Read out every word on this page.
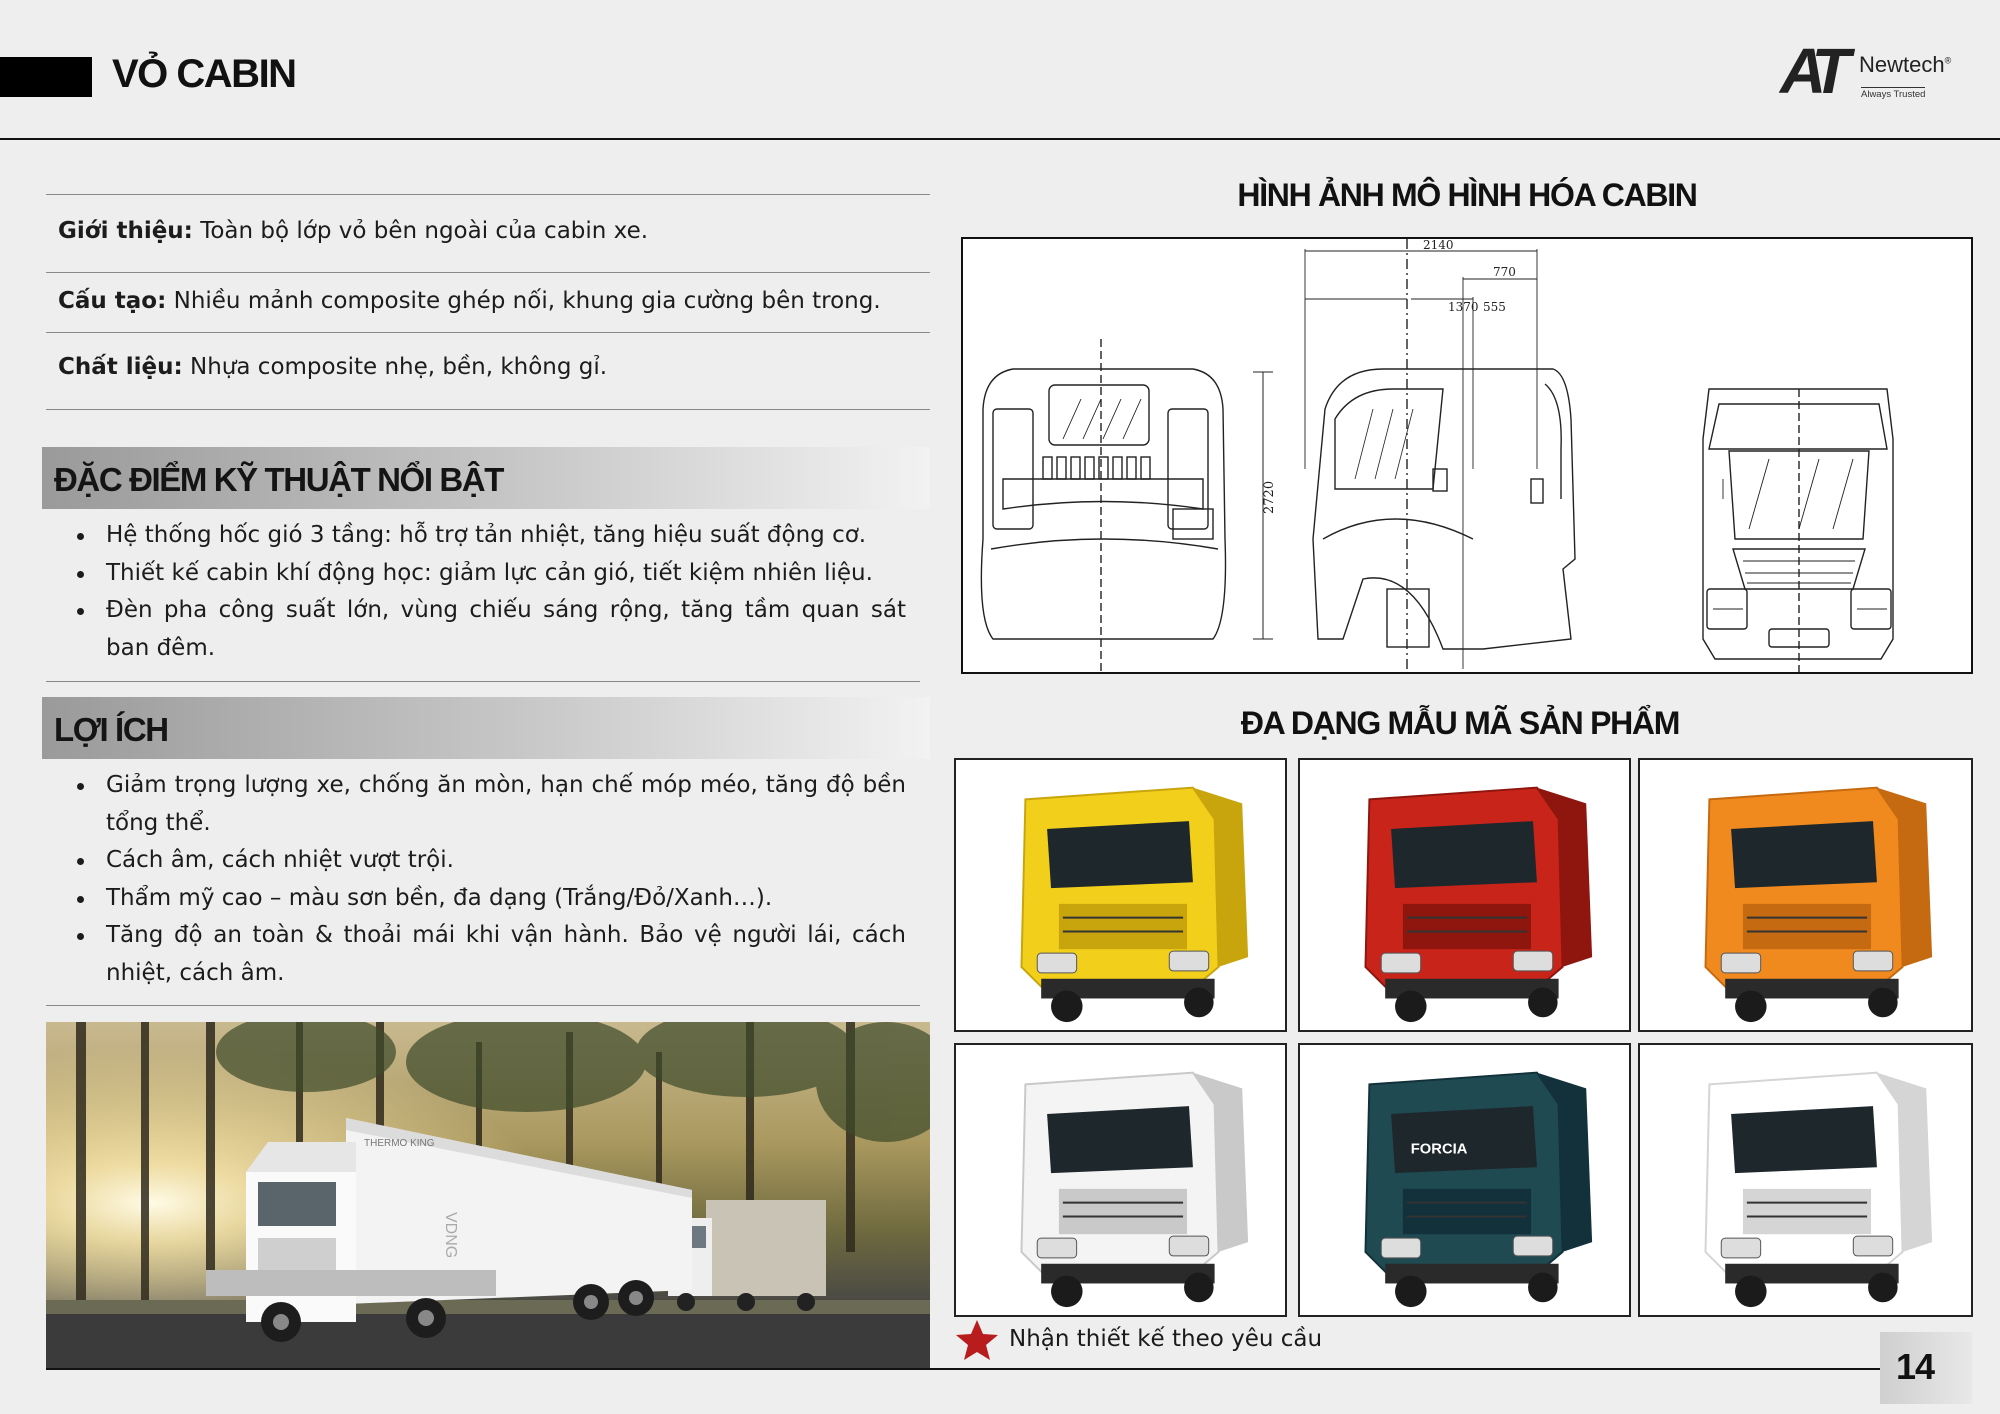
VỎ CABIN	AT Newtech®
Always Trusted
Giới thiệu: Toàn bộ lớp vỏ bên ngoài của cabin xe.
Cấu tạo: Nhiều mảnh composite ghép nối, khung gia cường bên trong.
Chất liệu: Nhựa composite nhẹ, bền, không gỉ.
ĐẶC ĐIỂM KỸ THUẬT NỔI BẬT
Hệ thống hốc gió 3 tầng: hỗ trợ tản nhiệt, tăng hiệu suất động cơ.
Thiết kế cabin khí động học: giảm lực cản gió, tiết kiệm nhiên liệu.
Đèn pha công suất lớn, vùng chiếu sáng rộng, tăng tầm quan sát ban đêm.
LỢI ÍCH
Giảm trọng lượng xe, chống ăn mòn, hạn chế móp méo, tăng độ bền tổng thể.
Cách âm, cách nhiệt vượt trội.
Thẩm mỹ cao – màu sơn bền, đa dạng (Trắng/Đỏ/Xanh…).
Tăng độ an toàn & thoải mái khi vận hành. Bảo vệ người lái, cách nhiệt, cách âm.
THERMO KING
VDNG
HÌNH ẢNH MÔ HÌNH HÓA CABIN
2720
2140
770
1370 555
ĐA DẠNG MẪU MÃ SẢN PHẨM
FORCIA
Nhận thiết kế theo yêu cầu
14
